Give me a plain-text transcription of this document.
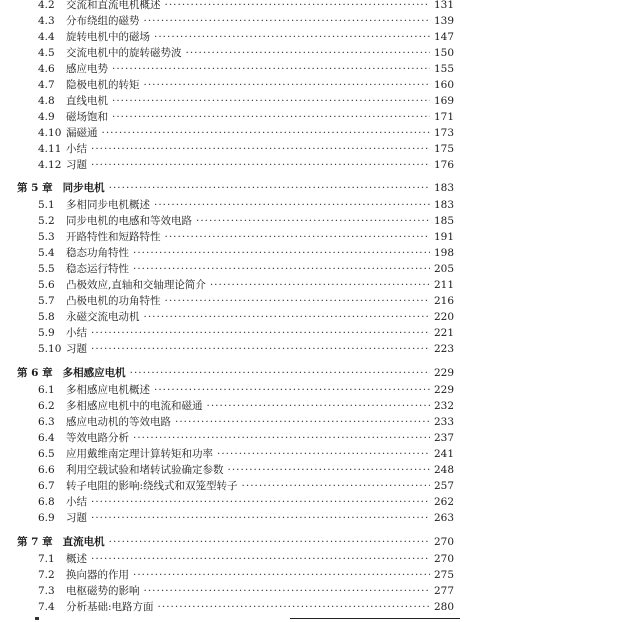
4.2	交流和直流电机概述 ·····	131
4.3	分布绕组的磁势 ·····	139
4.4	旋转电机中的磁场 ·····	147
4.5	交流电机中的旋转磁势波 ·····	150
4.6	感应电势 ·····	155
4.7	隐极电机的转矩 ·····	160
4.8	直线电机 ·····	169
4.9	磁场饱和 ·····	171
4.10 漏磁通 ·····	173
4.11 小结 ·····	175
4.12 习题 ·····	176
第 5 章 同步电机 ·····	183
5.1	多相同步电机概述 ·····	183
5.2	同步电机的电感和等效电路 ·····	185
5.3	开路特性和短路特性 ·····	191
5.4	稳态功角特性 ·····	198
5.5	稳态运行特性 ·····	205
5.6	凸极效应,直轴和交轴理论简介 ·····	211
5.7	凸极电机的功角特性 ·····	216
5.8	永磁交流电动机 ·····	220
5.9	小结 ·····	221
5.10 习题 ·····	223
第 6 章 多相感应电机 ·····	229
6.1	多相感应电机概述 ·····	229
6.2	多相感应电机中的电流和磁通 ·····	232
6.3	感应电动机的等效电路 ·····	233
6.4	等效电路分析 ·····	237
6.5	应用戴维南定理计算转矩和功率 ·····	241
6.6	利用空载试验和堵转试验确定参数 ·····	248
6.7	转子电阻的影响:绕线式和双笼型转子 ·····	257
6.8	小结 ·····	262
6.9	习题 ·····	263
第 7 章 直流电机 ·····	270
7.1	概述 ·····	270
7.2	换向器的作用 ·····	275
7.3	电枢磁势的影响 ·····	277
7.4	分析基础:电路方面 ·····	280
